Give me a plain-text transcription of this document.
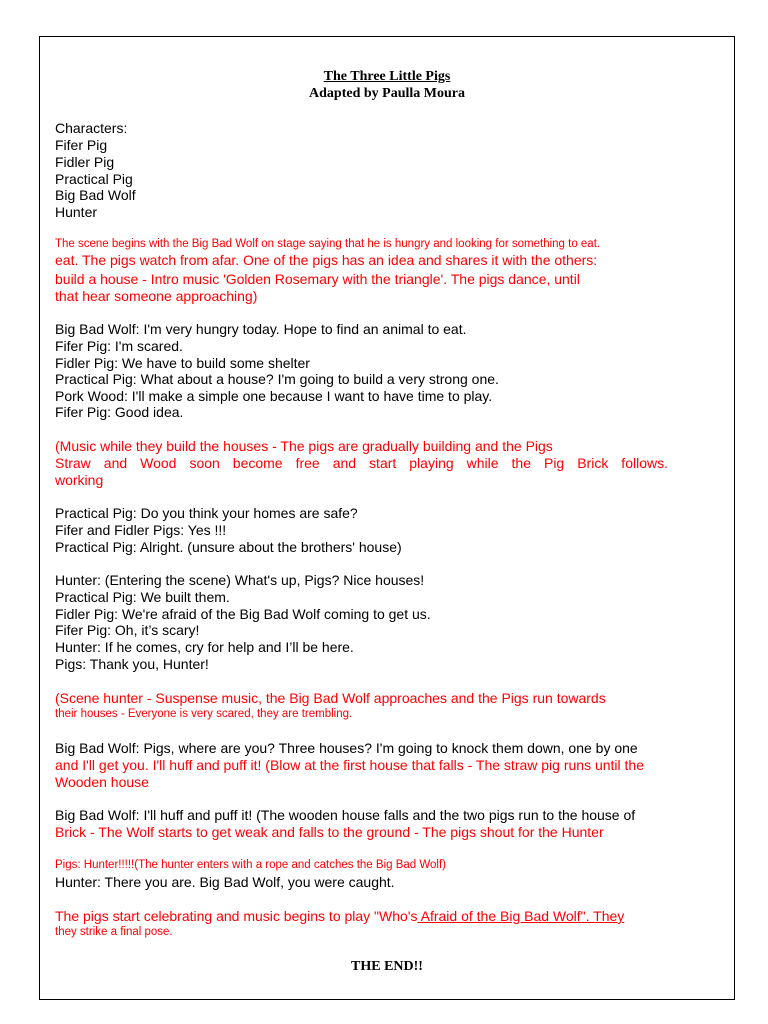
The Three Little Pigs
Adapted by Paulla Moura

Characters:

Fifer Pig

Fidler Pig

Practical Pig

Big Bad Wolf

Hunter

The scene begins with the Big Bad Wolf on stage saying that he is hungry and looking for something to eat.

eat. The pigs watch from afar. One of the pigs has an idea and shares it with the others:

build a house - Intro music 'Golden Rosemary with the triangle'. The pigs dance, until

that hear someone approaching)

Big Bad Wolf: I'm very hungry today. Hope to find an animal to eat.

Fifer Pig: I'm scared.

Fidler Pig: We have to build some shelter

Practical Pig: What about a house? I'm going to build a very strong one.

Pork Wood: I'll make a simple one because I want to have time to play.

Fifer Pig: Good idea.

(Music while they build the houses - The pigs are gradually building and the Pigs

Straw and Wood soon become free and start playing while the Pig Brick follows.

working

Practical Pig: Do you think your homes are safe?

Fifer and Fidler Pigs: Yes !!!

Practical Pig: Alright. (unsure about the brothers' house)

Hunter: (Entering the scene) What's up, Pigs? Nice houses!

Practical Pig: We built them.

Fidler Pig: We're afraid of the Big Bad Wolf coming to get us.

Fifer Pig: Oh, it’s scary!

Hunter: If he comes, cry for help and I’ll be here.

Pigs: Thank you, Hunter!

(Scene hunter - Suspense music, the Big Bad Wolf approaches and the Pigs run towards

their houses - Everyone is very scared, they are trembling.

Big Bad Wolf: Pigs, where are you? Three houses? I'm going to knock them down, one by one

and I'll get you. I'll huff and puff it! (Blow at the first house that falls - The straw pig runs until the

Wooden house

Big Bad Wolf: I'll huff and puff it! (The wooden house falls and the two pigs run to the house of

Brick - The Wolf starts to get weak and falls to the ground - The pigs shout for the Hunter

Pigs: Hunter!!!!!(The hunter enters with a rope and catches the Big Bad Wolf)

Hunter: There you are. Big Bad Wolf, you were caught.

The pigs start celebrating and music begins to play "Who's Afraid of the Big Bad Wolf". They

they strike a final pose.

THE END!!
